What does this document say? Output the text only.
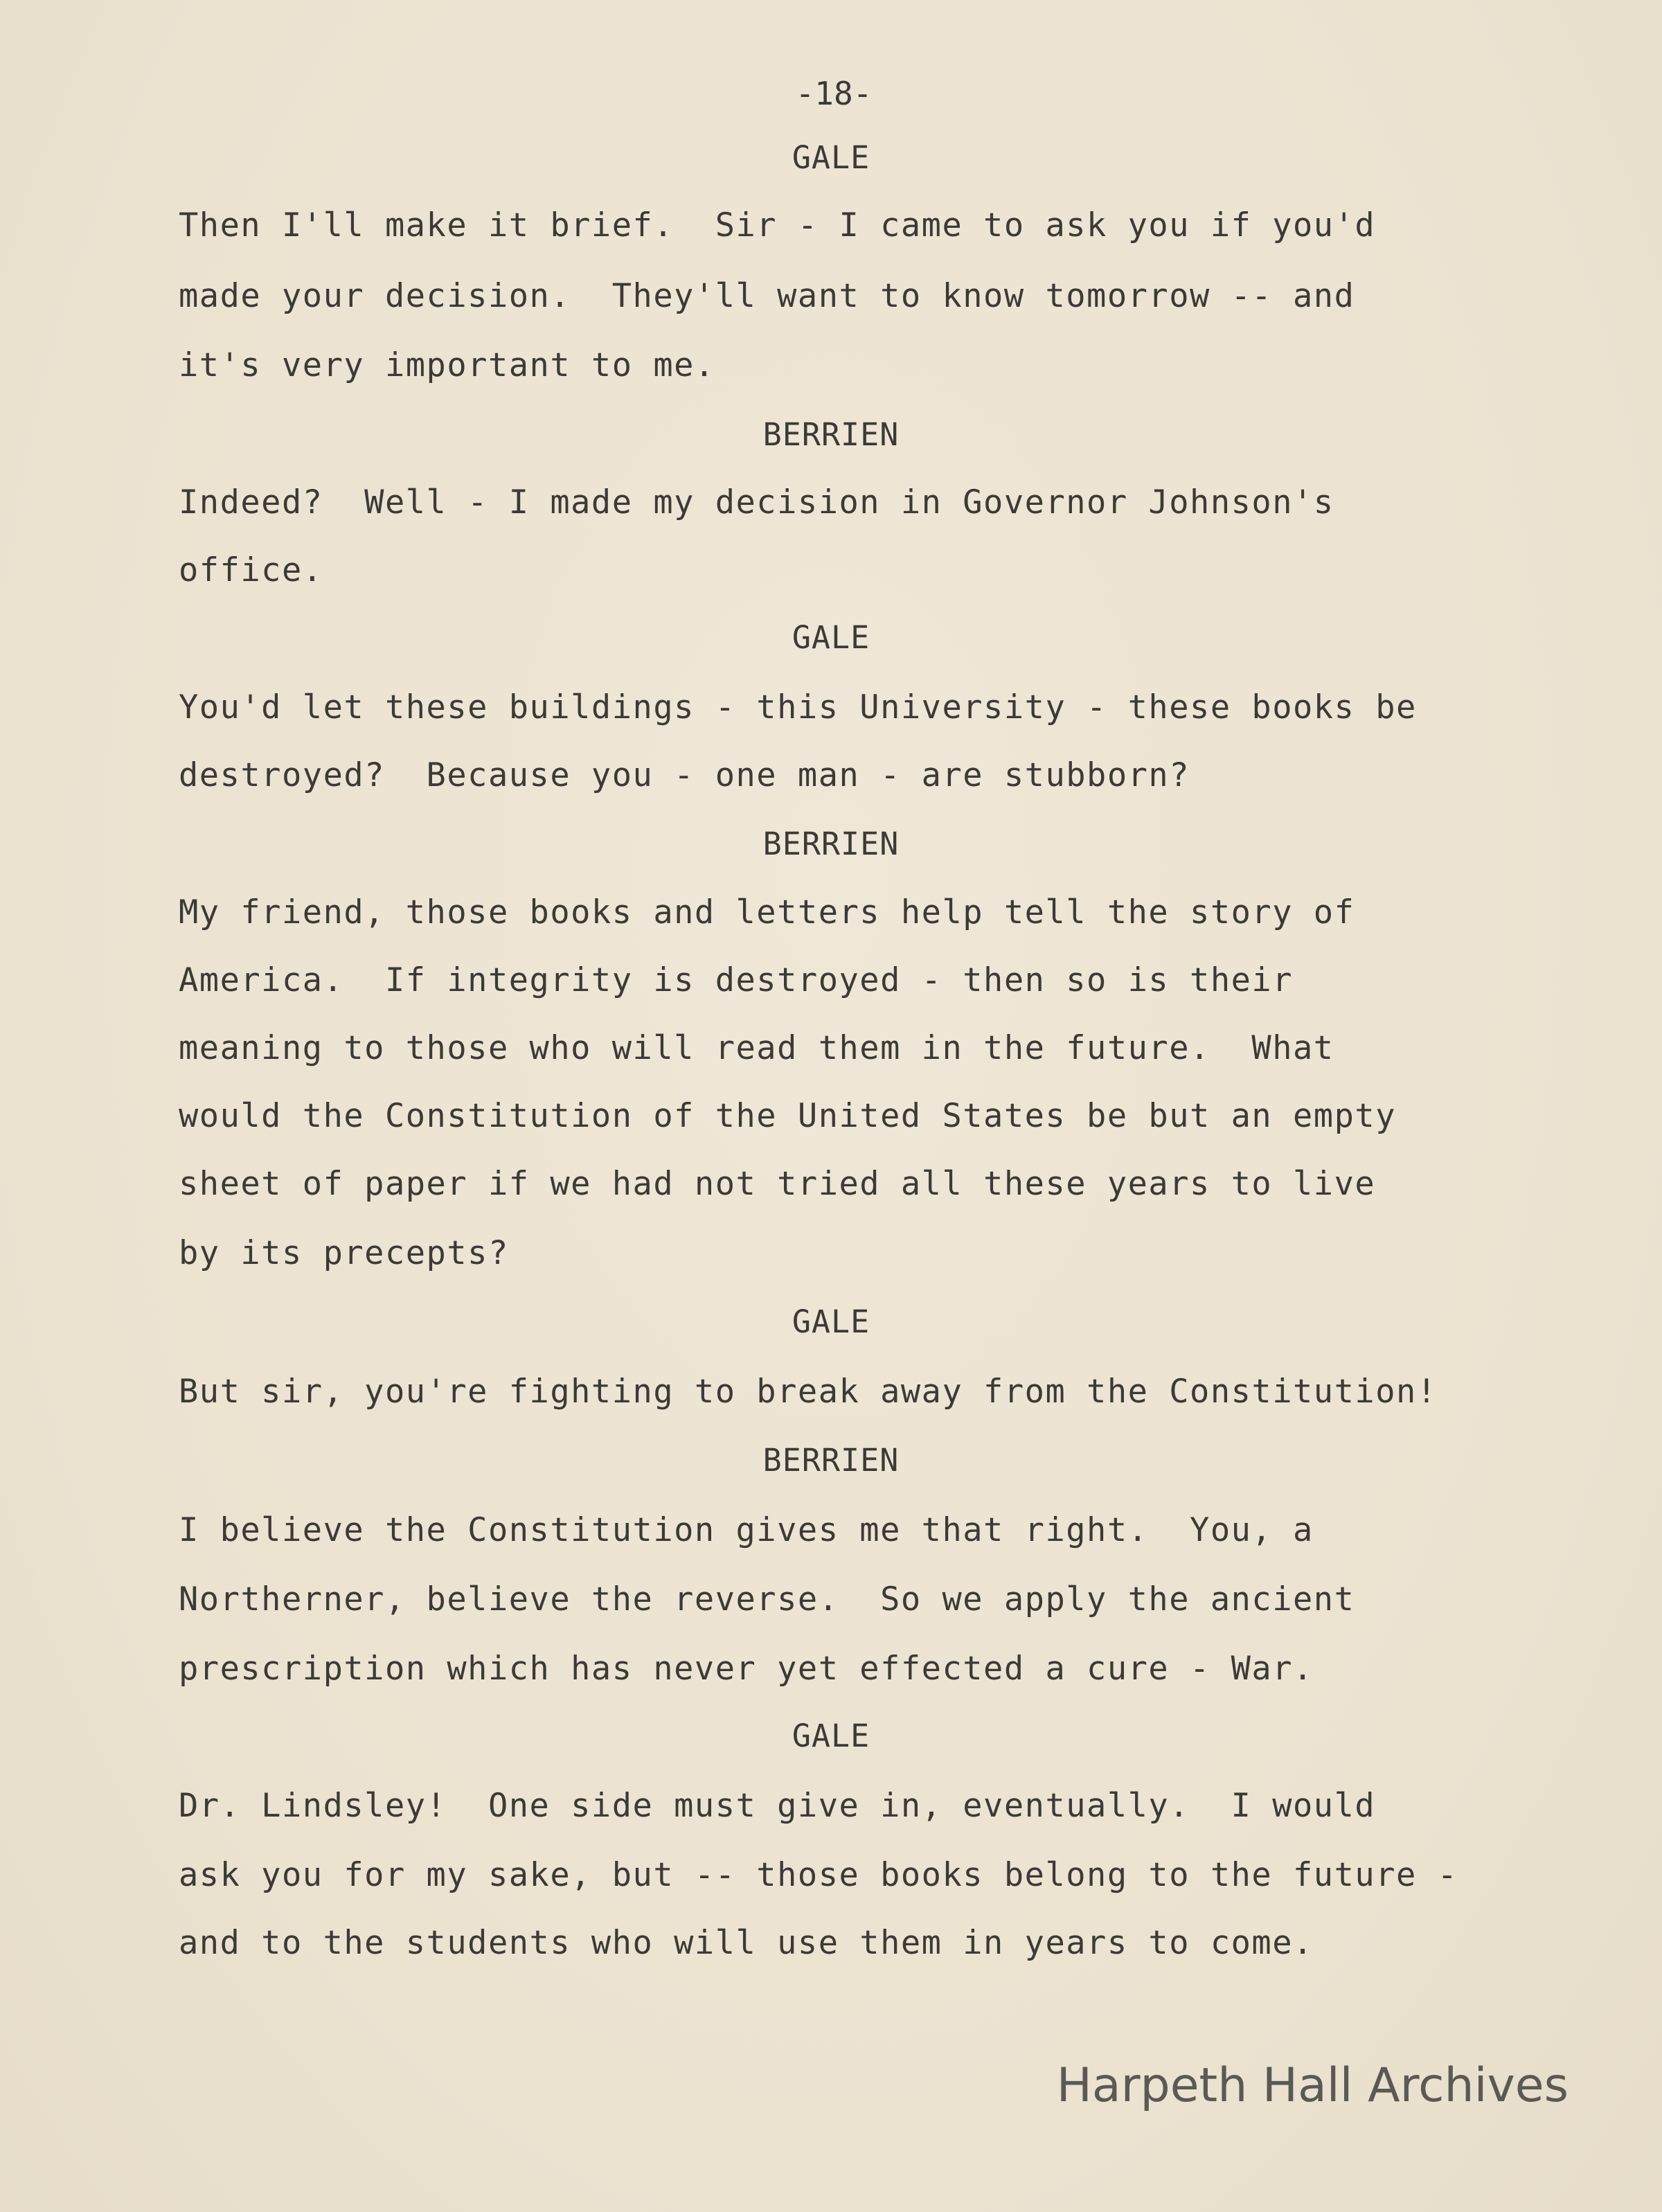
-18-

GALE

Then I'll make it brief.  Sir - I came to ask you if you'd

made your decision.  They'll want to know tomorrow -- and

it's very important to me.

BERRIEN

Indeed?  Well - I made my decision in Governor Johnson's

office.

GALE

You'd let these buildings - this University - these books be

destroyed?  Because you - one man - are stubborn?

BERRIEN

My friend, those books and letters help tell the story of

America.  If integrity is destroyed - then so is their

meaning to those who will read them in the future.  What

would the Constitution of the United States be but an empty

sheet of paper if we had not tried all these years to live

by its precepts?

GALE

But sir, you're fighting to break away from the Constitution!

BERRIEN

I believe the Constitution gives me that right.  You, a

Northerner, believe the reverse.  So we apply the ancient

prescription which has never yet effected a cure - War.

GALE

Dr. Lindsley!  One side must give in, eventually.  I would

ask you for my sake, but -- those books belong to the future -

and to the students who will use them in years to come.

Harpeth Hall Archives
